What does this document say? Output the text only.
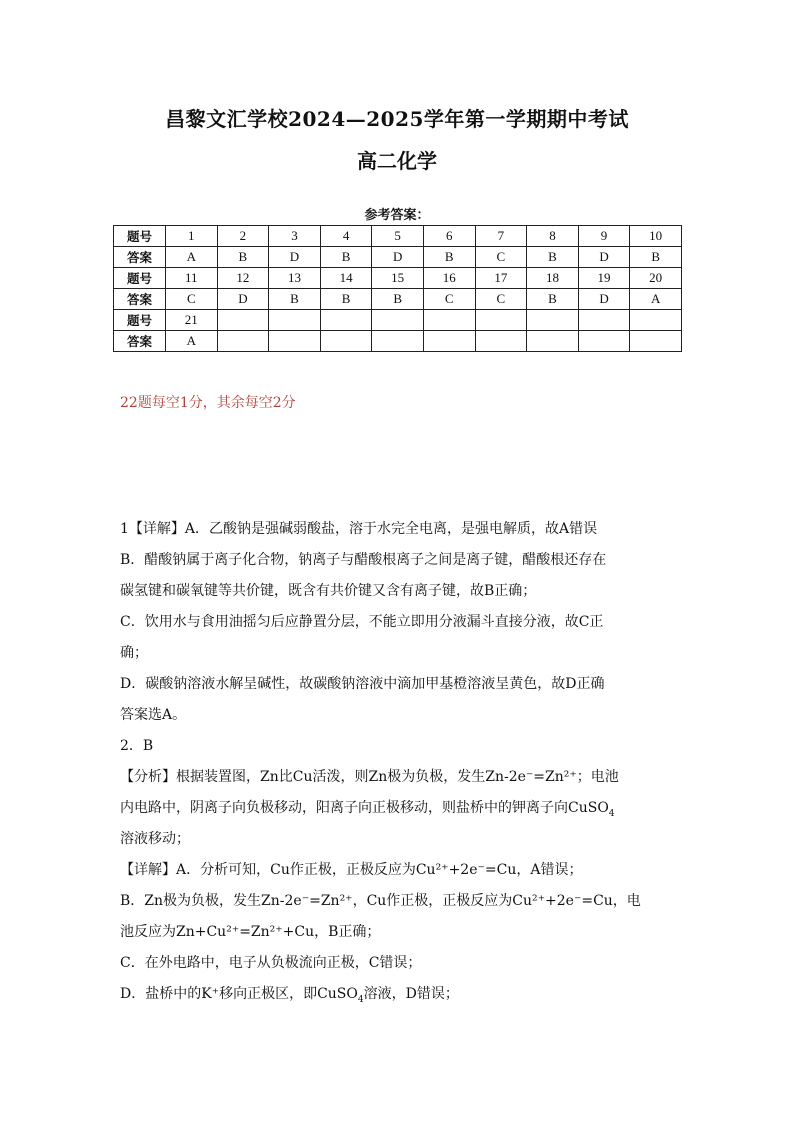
昌黎文汇学校2024—2025学年第一学期期中考试
高二化学
参考答案：
题号	1	2	3	4	5	6	7	8	9	10
答案	A	B	D	B	D	B	C	B	D	B
题号	11	12	13	14	15	16	17	18	19	20
答案	C	D	B	B	B	C	C	B	D	A
题号	21									
答案	A									
22题每空1分，其余每空2分

1【详解】A．乙酸钠是强碱弱酸盐，溶于水完全电离，是强电解质，故A错误

B．醋酸钠属于离子化合物，钠离子与醋酸根离子之间是离子键，醋酸根还存在

碳氢键和碳氧键等共价键，既含有共价键又含有离子键，故B正确；

C．饮用水与食用油摇匀后应静置分层，不能立即用分液漏斗直接分液，故C正

确；

D．碳酸钠溶液水解呈碱性，故碳酸钠溶液中滴加甲基橙溶液呈黄色，故D正确

答案选A。

2．B

【分析】根据装置图，Zn比Cu活泼，则Zn极为负极，发生Zn-2e⁻=Zn²⁺；电池

内电路中，阴离子向负极移动，阳离子向正极移动，则盐桥中的钾离子向CuSO$_4$

溶液移动；

【详解】A．分析可知，Cu作正极，正极反应为Cu²⁺+2e⁻=Cu，A错误；

B．Zn极为负极，发生Zn-2e⁻=Zn²⁺，Cu作正极，正极反应为Cu²⁺+2e⁻=Cu，电

池反应为Zn+Cu²⁺=Zn²⁺+Cu，B正确；

C．在外电路中，电子从负极流向正极，C错误；

D．盐桥中的K⁺移向正极区，即CuSO$_4$溶液，D错误；
